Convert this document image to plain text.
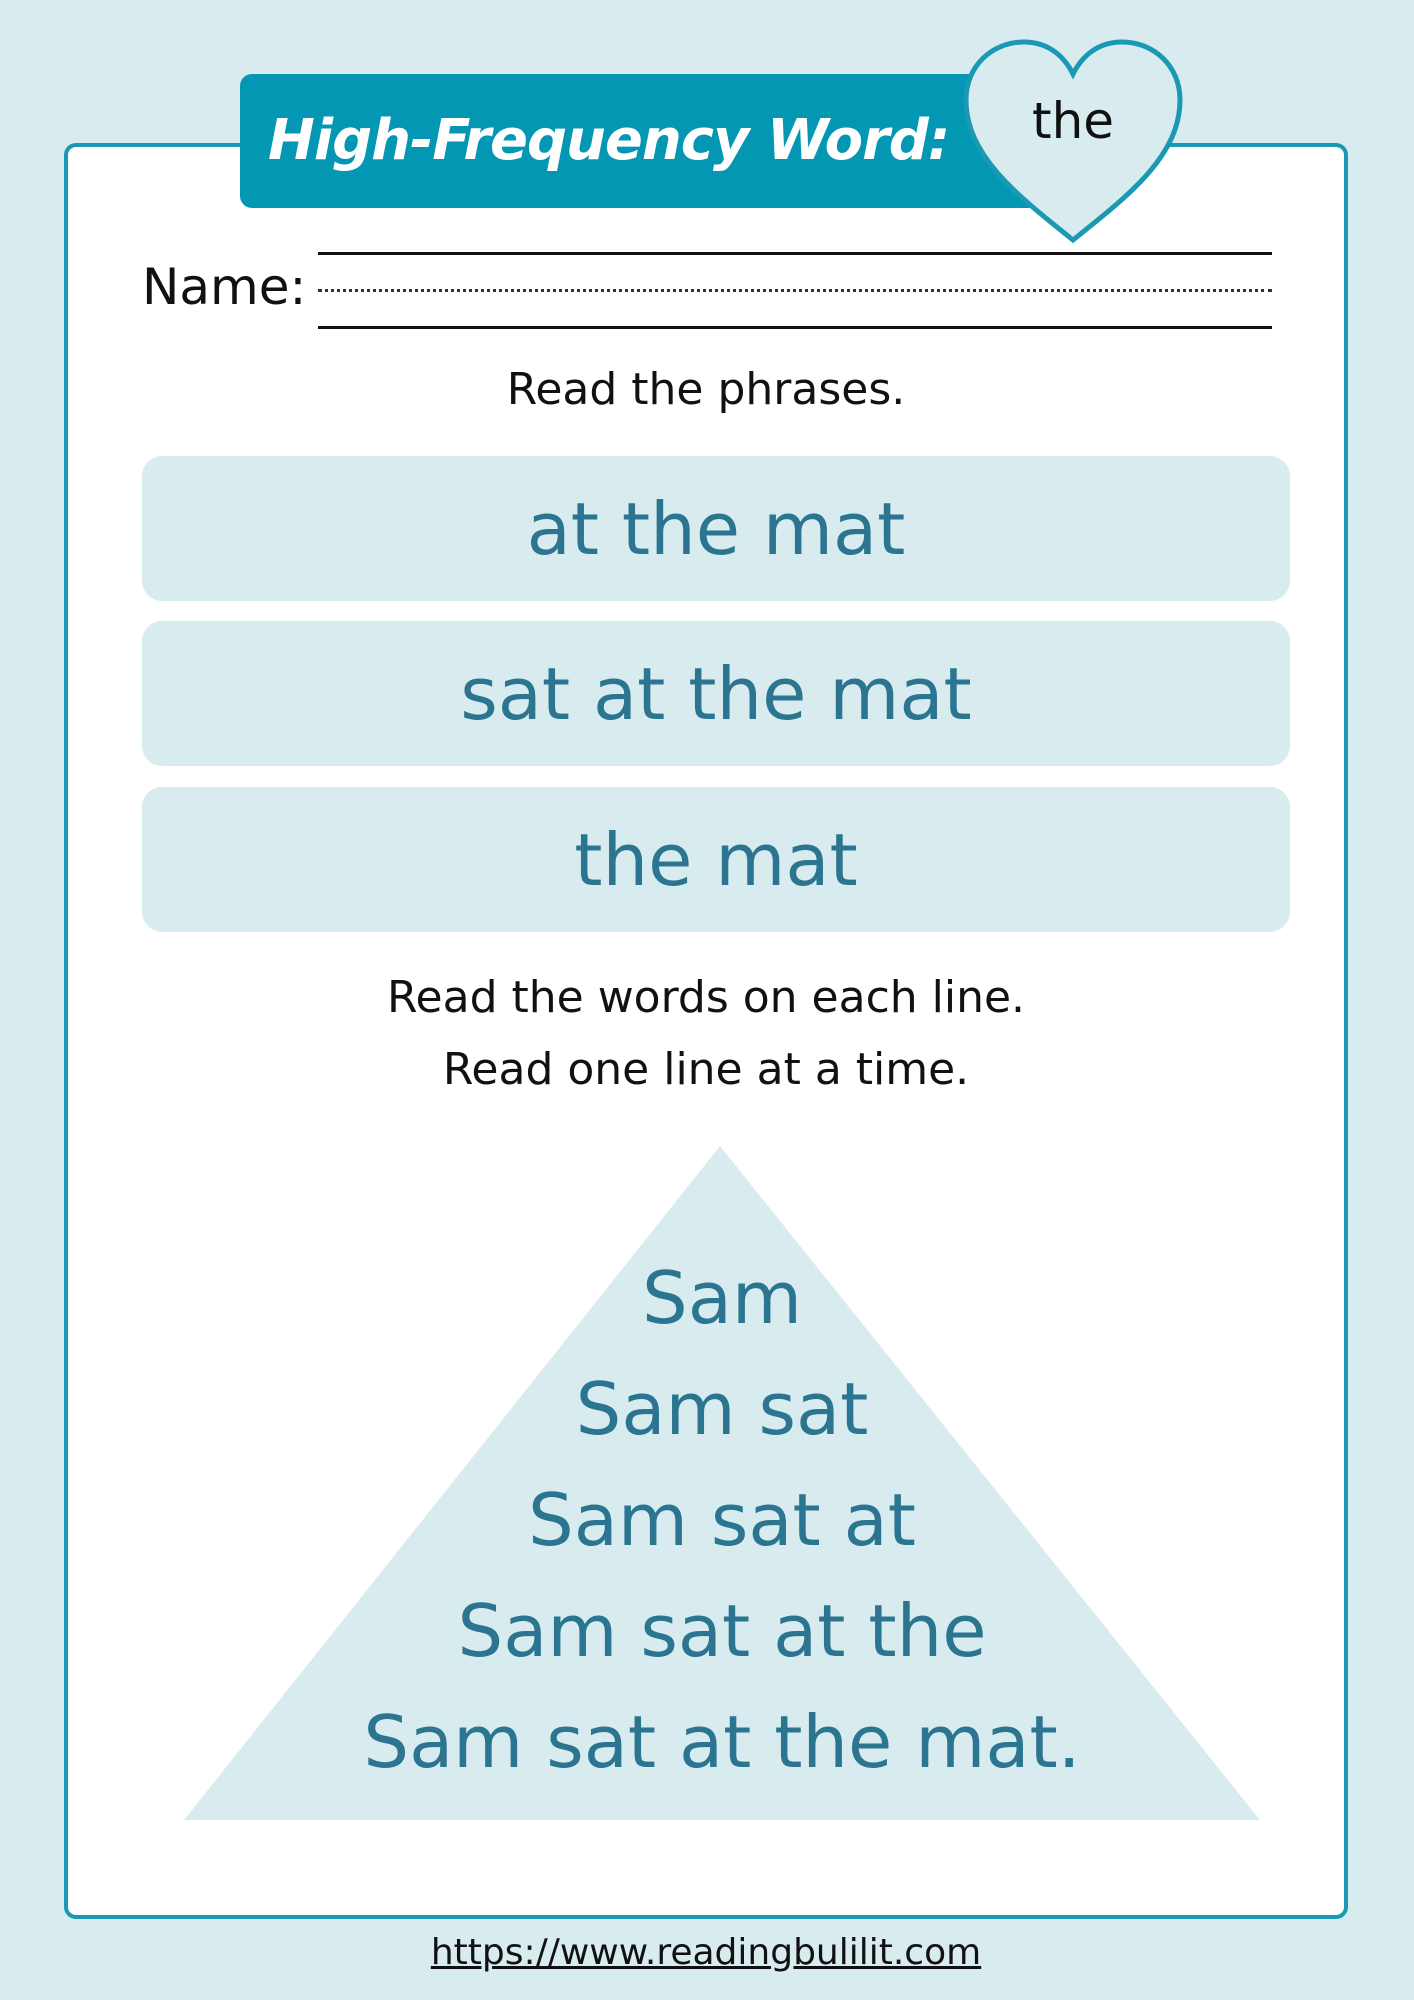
High-Frequency Word:	the
Name:
Read the phrases.
at the mat
sat at the mat
the mat
Read the words on each line.
Read one line at a time.
Sam
Sam sat
Sam sat at
Sam sat at the
Sam sat at the mat.
https://www.readingbulilit.com
